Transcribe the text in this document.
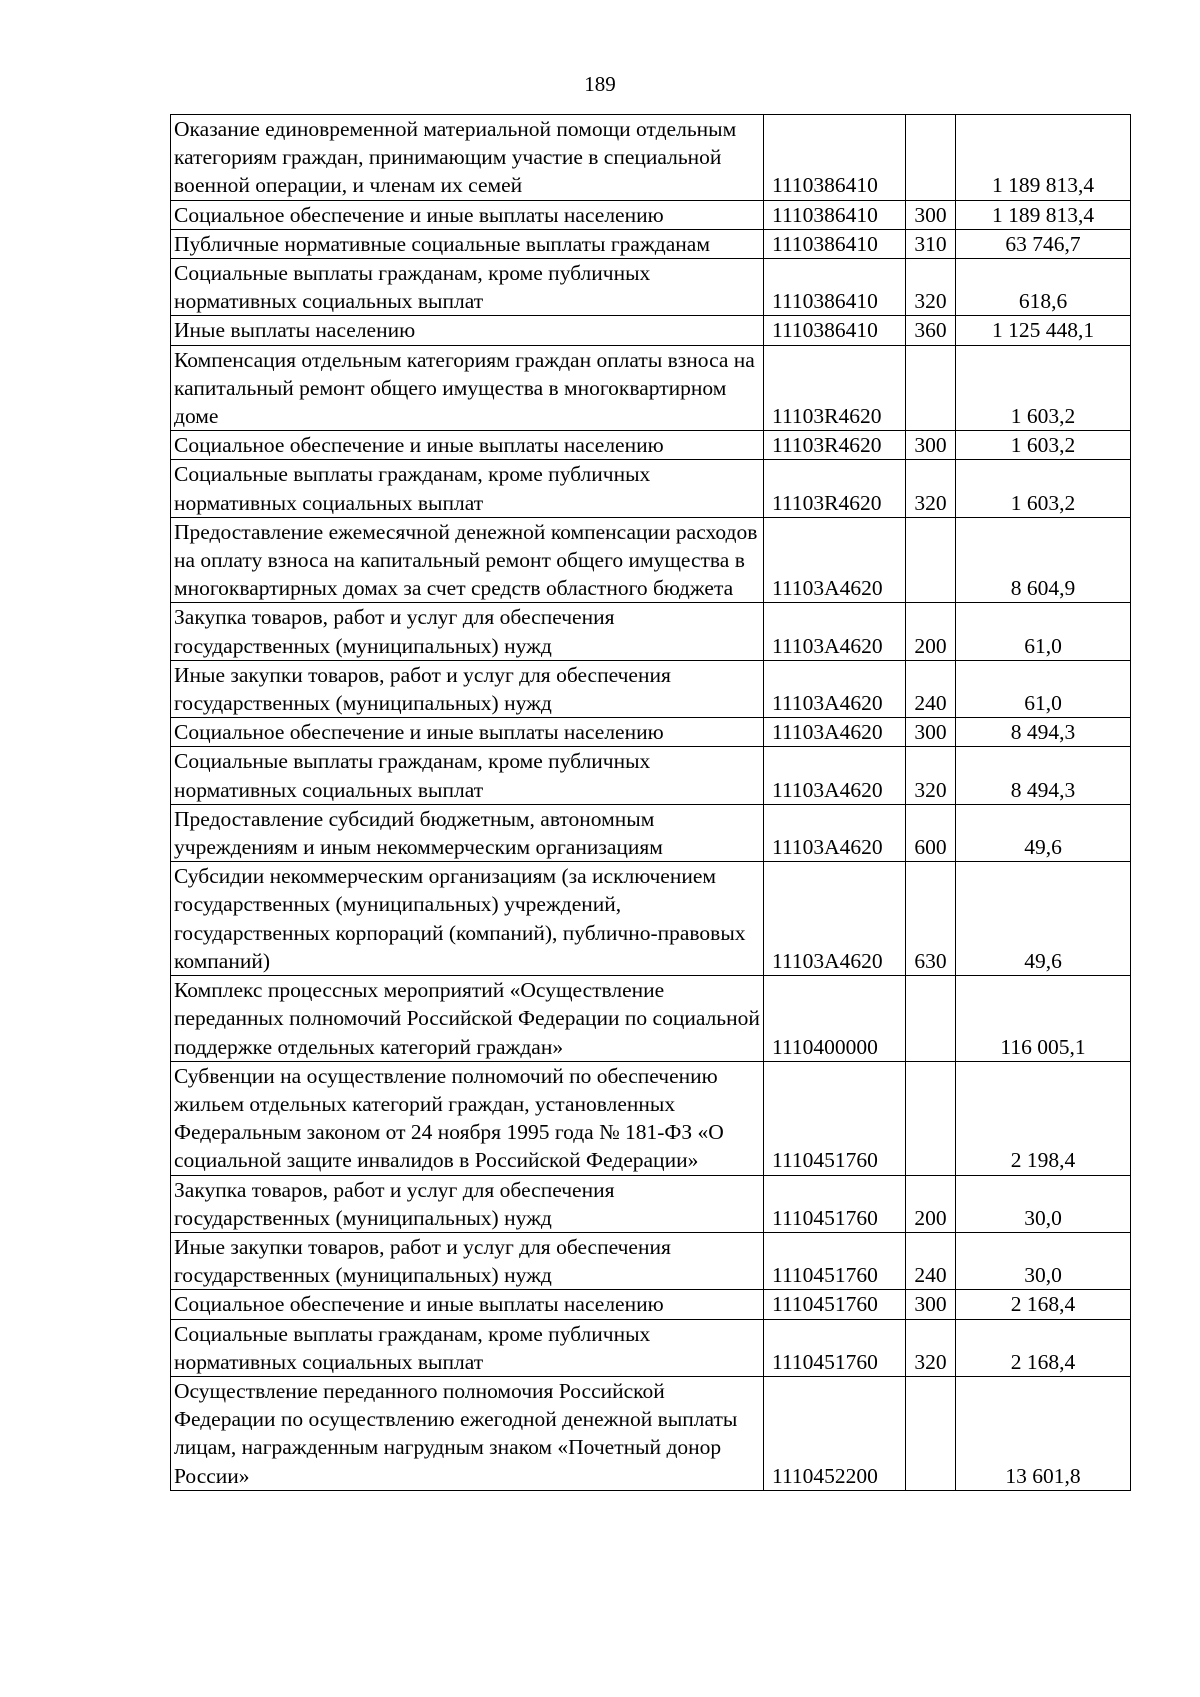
189
Оказание единовременной материальной помощи отдельным категориям граждан, принимающим участие в специальной военной операции, и членам их семей	1110386410		1 189 813,4
Социальное обеспечение и иные выплаты населению	1110386410	300	1 189 813,4
Публичные нормативные социальные выплаты гражданам	1110386410	310	63 746,7
Социальные выплаты гражданам, кроме публичных нормативных социальных выплат	1110386410	320	618,6
Иные выплаты населению	1110386410	360	1 125 448,1
Компенсация отдельным категориям граждан оплаты взноса на капитальный ремонт общего имущества в многоквартирном доме	11103R4620		1 603,2
Социальное обеспечение и иные выплаты населению	11103R4620	300	1 603,2
Социальные выплаты гражданам, кроме публичных нормативных социальных выплат	11103R4620	320	1 603,2
Предоставление ежемесячной денежной компенсации расходов на оплату взноса на капитальный ремонт общего имущества в многоквартирных домах за счет средств областного бюджета	11103А4620		8 604,9
Закупка товаров, работ и услуг для обеспечения государственных (муниципальных) нужд	11103А4620	200	61,0
Иные закупки товаров, работ и услуг для обеспечения государственных (муниципальных) нужд	11103А4620	240	61,0
Социальное обеспечение и иные выплаты населению	11103А4620	300	8 494,3
Социальные выплаты гражданам, кроме публичных нормативных социальных выплат	11103А4620	320	8 494,3
Предоставление субсидий бюджетным, автономным учреждениям и иным некоммерческим организациям	11103А4620	600	49,6
Субсидии некоммерческим организациям (за исключением государственных (муниципальных) учреждений, государственных корпораций (компаний), публично-правовых компаний)	11103А4620	630	49,6
Комплекс процессных мероприятий «Осуществление переданных полномочий Российской Федерации по социальной поддержке отдельных категорий граждан»	1110400000		116 005,1
Субвенции на осуществление полномочий по обеспечению жильем отдельных категорий граждан, установленных Федеральным законом от 24 ноября 1995 года № 181-ФЗ «О социальной защите инвалидов в Российской Федерации»	1110451760		2 198,4
Закупка товаров, работ и услуг для обеспечения государственных (муниципальных) нужд	1110451760	200	30,0
Иные закупки товаров, работ и услуг для обеспечения государственных (муниципальных) нужд	1110451760	240	30,0
Социальное обеспечение и иные выплаты населению	1110451760	300	2 168,4
Социальные выплаты гражданам, кроме публичных нормативных социальных выплат	1110451760	320	2 168,4
Осуществление переданного полномочия Российской Федерации по осуществлению ежегодной денежной выплаты лицам, награжденным нагрудным знаком «Почетный донор России»	1110452200		13 601,8
